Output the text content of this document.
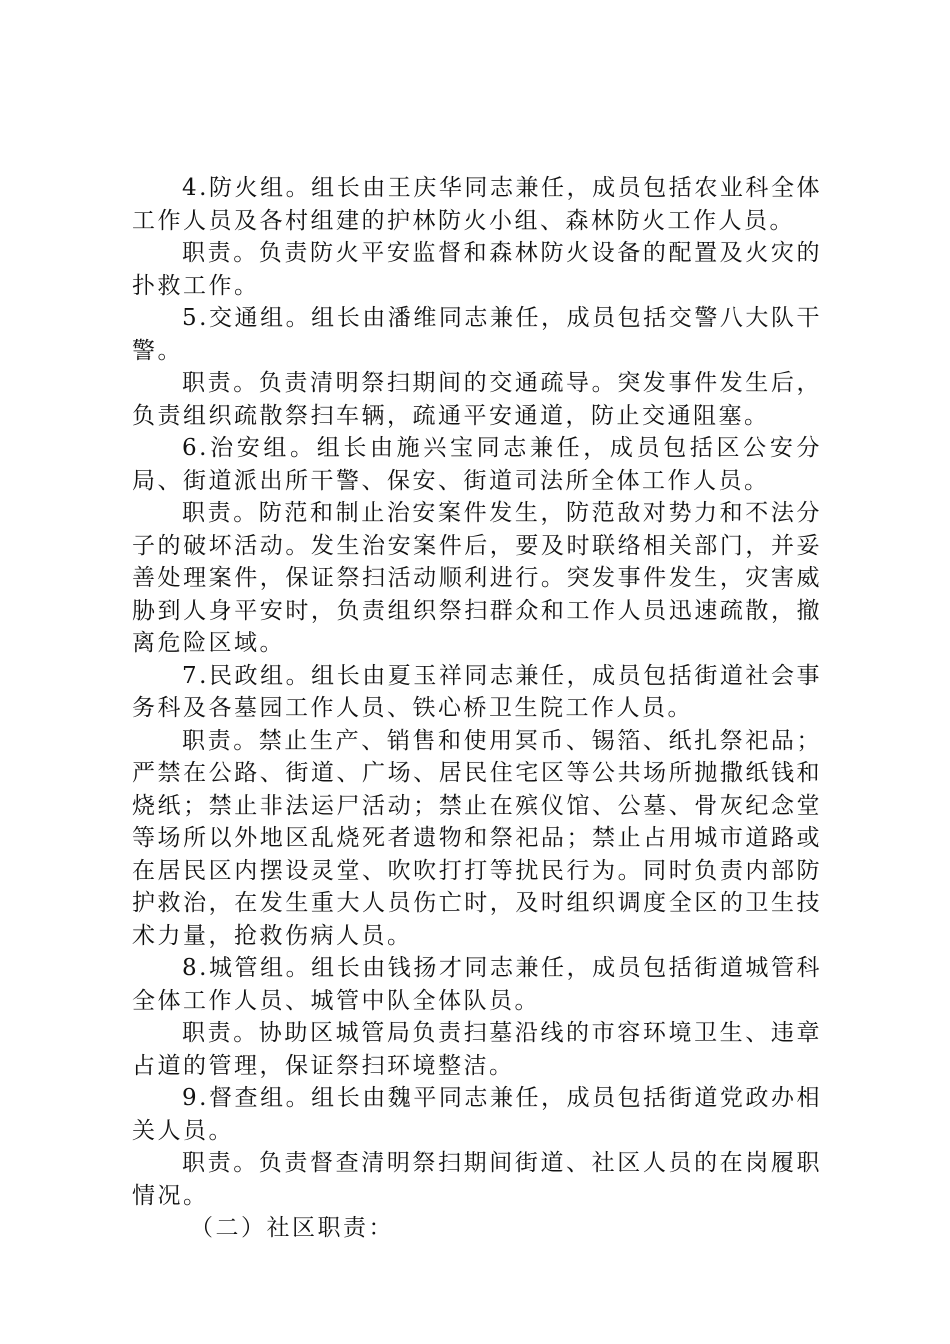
4.防火组。组长由王庆华同志兼任，成员包括农业科全体工作人员及各村组建的护林防火小组、森林防火工作人员。

职责。负责防火平安监督和森林防火设备的配置及火灾的扑救工作。

5.交通组。组长由潘维同志兼任，成员包括交警八大队干警。

职责。负责清明祭扫期间的交通疏导。突发事件发生后，负责组织疏散祭扫车辆，疏通平安通道，防止交通阻塞。

6.治安组。组长由施兴宝同志兼任，成员包括区公安分局、街道派出所干警、保安、街道司法所全体工作人员。

职责。防范和制止治安案件发生，防范敌对势力和不法分子的破坏活动。发生治安案件后，要及时联络相关部门，并妥善处理案件，保证祭扫活动顺利进行。突发事件发生，灾害威胁到人身平安时，负责组织祭扫群众和工作人员迅速疏散，撤离危险区域。

7.民政组。组长由夏玉祥同志兼任，成员包括街道社会事务科及各墓园工作人员、铁心桥卫生院工作人员。

职责。禁止生产、销售和使用冥币、锡箔、纸扎祭祀品；严禁在公路、街道、广场、居民住宅区等公共场所抛撒纸钱和烧纸；禁止非法运尸活动；禁止在殡仪馆、公墓、骨灰纪念堂等场所以外地区乱烧死者遗物和祭祀品；禁止占用城市道路或在居民区内摆设灵堂、吹吹打打等扰民行为。同时负责内部防护救治，在发生重大人员伤亡时，及时组织调度全区的卫生技术力量，抢救伤病人员。

8.城管组。组长由钱扬才同志兼任，成员包括街道城管科全体工作人员、城管中队全体队员。

职责。协助区城管局负责扫墓沿线的市容环境卫生、违章占道的管理，保证祭扫环境整洁。

9.督查组。组长由魏平同志兼任，成员包括街道党政办相关人员。

职责。负责督查清明祭扫期间街道、社区人员的在岗履职情况。

（二）社区职责：
